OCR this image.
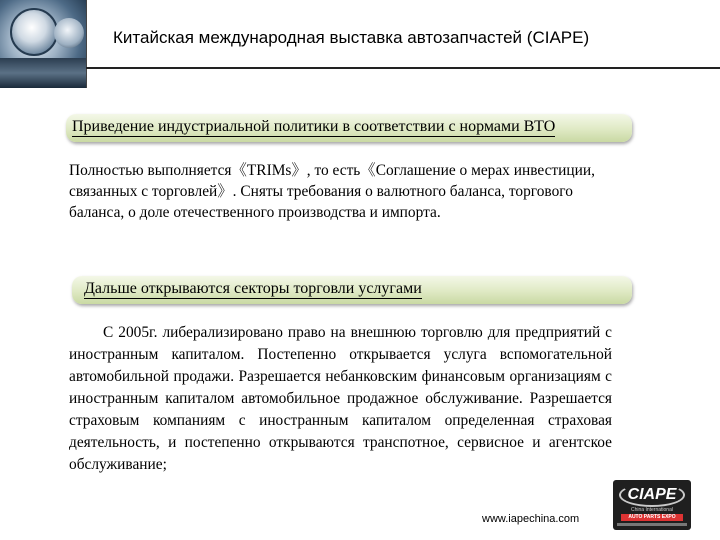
Китайская международная выставка автозапчастей (CIAPE)
Приведение индустриальной политики в соответствии с нормами ВТО
Полностью выполняется《TRIMs》, то есть《Соглашение о мерах инвестиции, связанных с торговлей》. Сняты требования о валютного баланса, торгового баланса, о доле отечественного производства и импорта.
Дальше открываются секторы торговли услугами
С 2005г. либерализировано право на внешнюю торговлю для предприятий с иностранным капиталом. Постепенно открывается услуга вспомогательной автомобильной продажи. Разрешается небанковским финансовым организациям с иностранным капиталом автомобильное продажное обслуживание. Разрешается страховым компаниям с иностранным капиталом определенная страховая деятельность, и постепенно открываются транспотное, сервисное и агентское обслуживание;
CIAPE
China International
AUTO PARTS EXPO
www.iapechina.com
